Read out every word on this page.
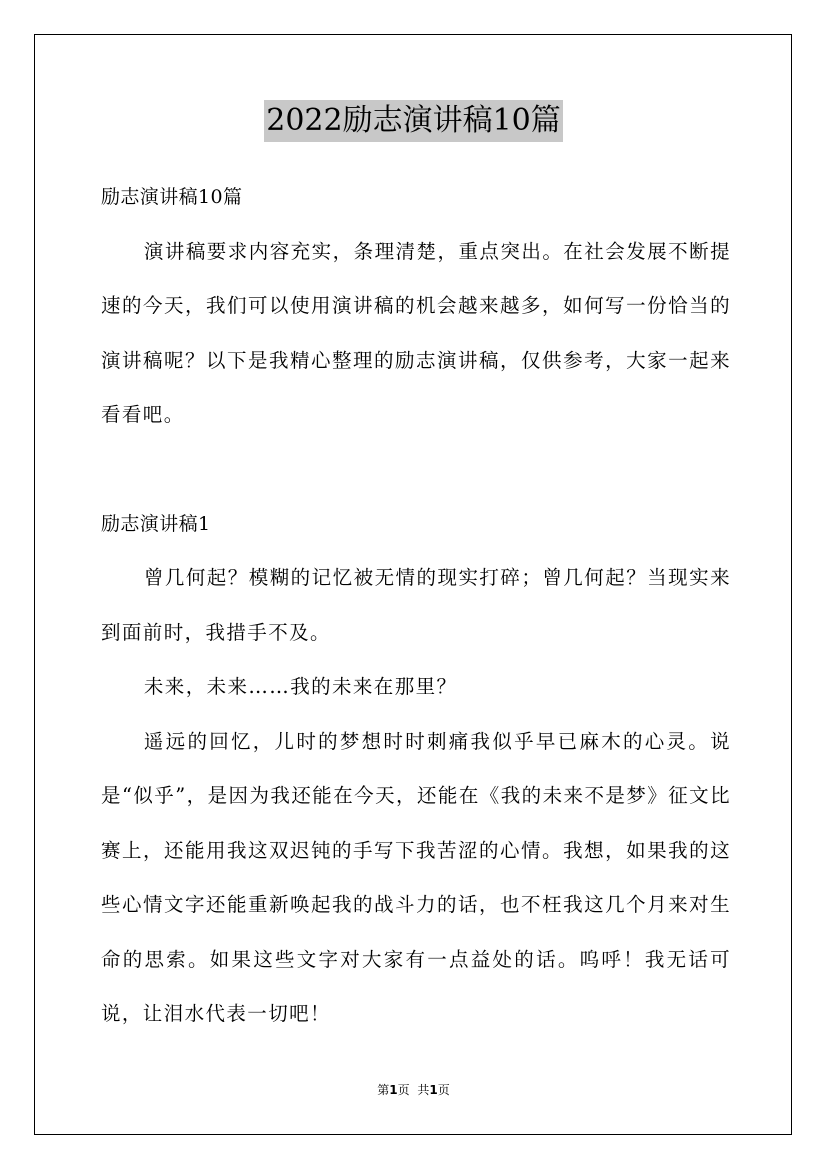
2022励志演讲稿10篇

励志演讲稿10篇

演讲稿要求内容充实，条理清楚，重点突出。在社会发展不断提速的今天，我们可以使用演讲稿的机会越来越多，如何写一份恰当的演讲稿呢？以下是我精心整理的励志演讲稿，仅供参考，大家一起来看看吧。

励志演讲稿1

曾几何起？模糊的记忆被无情的现实打碎；曾几何起？当现实来到面前时，我措手不及。

未来，未来……我的未来在那里？

遥远的回忆，儿时的梦想时时刺痛我似乎早已麻木的心灵。说是“似乎”，是因为我还能在今天，还能在《我的未来不是梦》征文比赛上，还能用我这双迟钝的手写下我苦涩的心情。我想，如果我的这些心情文字还能重新唤起我的战斗力的话，也不枉我这几个月来对生命的思索。如果这些文字对大家有一点益处的话。呜呼！我无话可说，让泪水代表一切吧！

第1页 共1页
